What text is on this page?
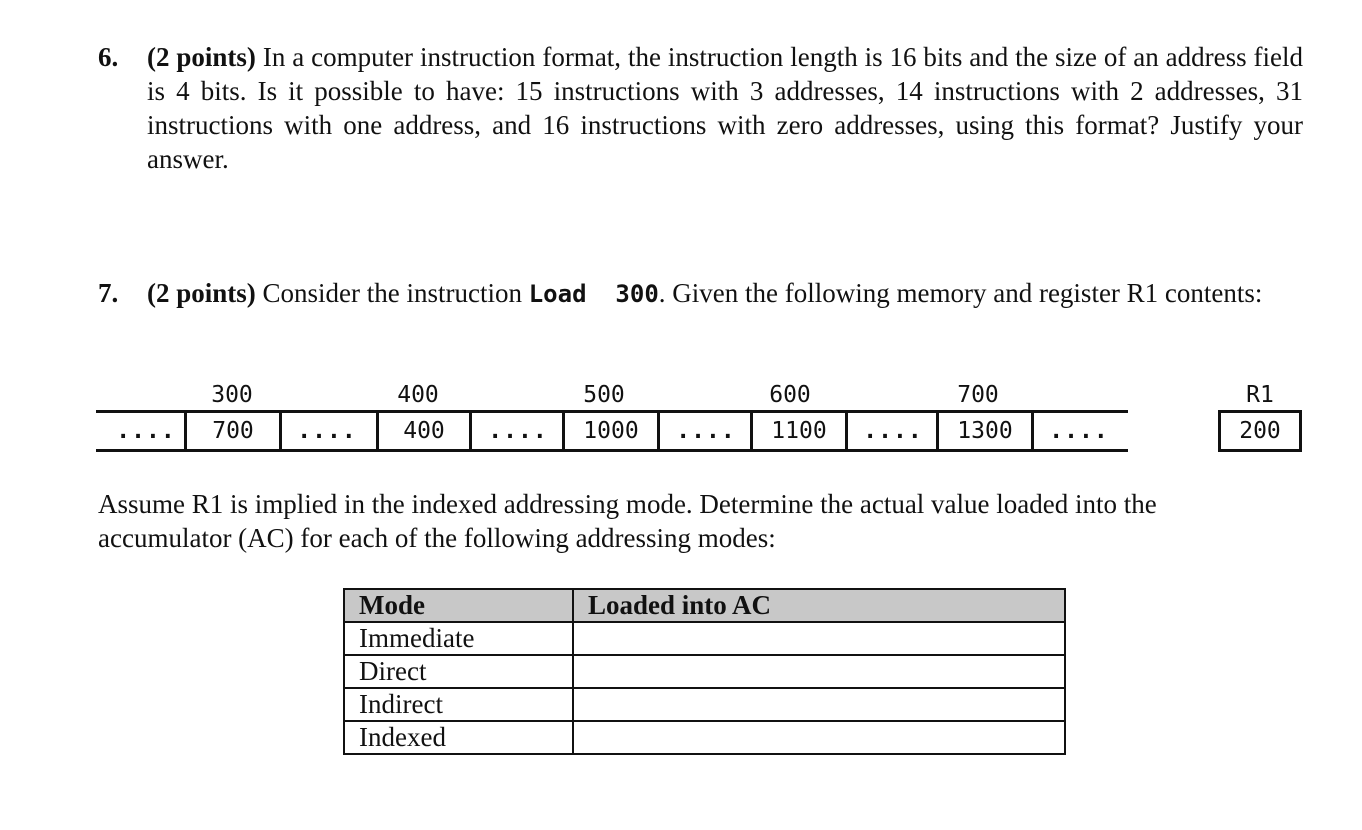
6. (2 points) In a computer instruction format, the instruction length is 16 bits and the size of an address field is 4 bits. Is it possible to have: 15 instructions with 3 addresses, 14 instructions with 2 addresses, 31 instructions with one address, and 16 instructions with zero addresses, using this format? Justify your answer.
7. (2 points) Consider the instruction Load  300. Given the following memory and register R1 contents:
300	400	500	600	700	R1
....	700	....	400	....	1000	....	1100	....	1300	....	200
Assume R1 is implied in the indexed addressing mode. Determine the actual value loaded into the accumulator (AC) for each of the following addressing modes:
Mode	Loaded into AC
Immediate	
Direct	
Indirect	
Indexed	
